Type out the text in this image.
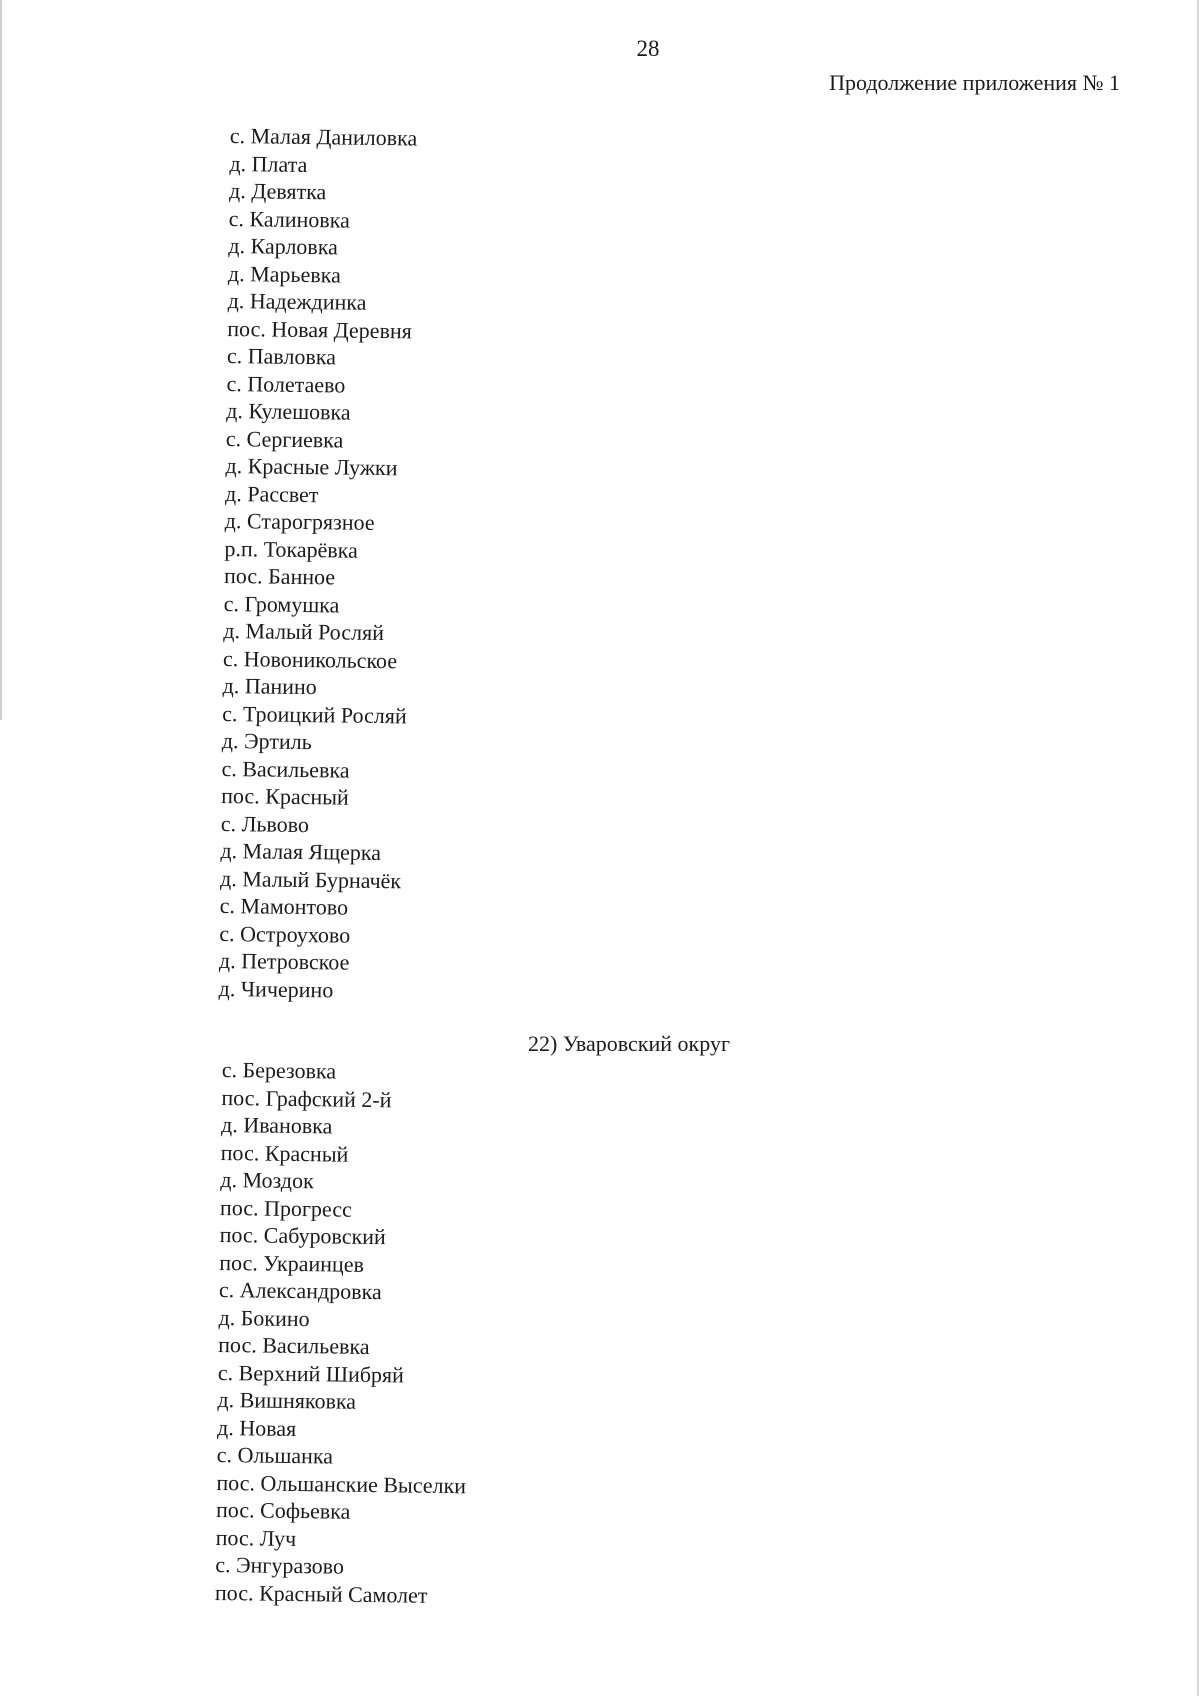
28
Продолжение приложения № 1
с. Малая Даниловка
д. Плата
д. Девятка
с. Калиновка
д. Карловка
д. Марьевка
д. Надеждинка
пос. Новая Деревня
с. Павловка
с. Полетаево
д. Кулешовка
с. Сергиевка
д. Красные Лужки
д. Рассвет
д. Старогрязное
р.п. Токарёвка
пос. Банное
с. Громушка
д. Малый Росляй
с. Новоникольское
д. Панино
с. Троицкий Росляй
д. Эртиль
с. Васильевка
пос. Красный
с. Львово
д. Малая Ящерка
д. Малый Бурначёк
с. Мамонтово
с. Остроухово
д. Петровское
д. Чичерино
22) Уваровский округ
с. Березовка
пос. Графский 2-й
д. Ивановка
пос. Красный
д. Моздок
пос. Прогресс
пос. Сабуровский
пос. Украинцев
с. Александровка
д. Бокино
пос. Васильевка
с. Верхний Шибряй
д. Вишняковка
д. Новая
с. Ольшанка
пос. Ольшанские Выселки
пос. Софьевка
пос. Луч
с. Энгуразово
пос. Красный Самолет
